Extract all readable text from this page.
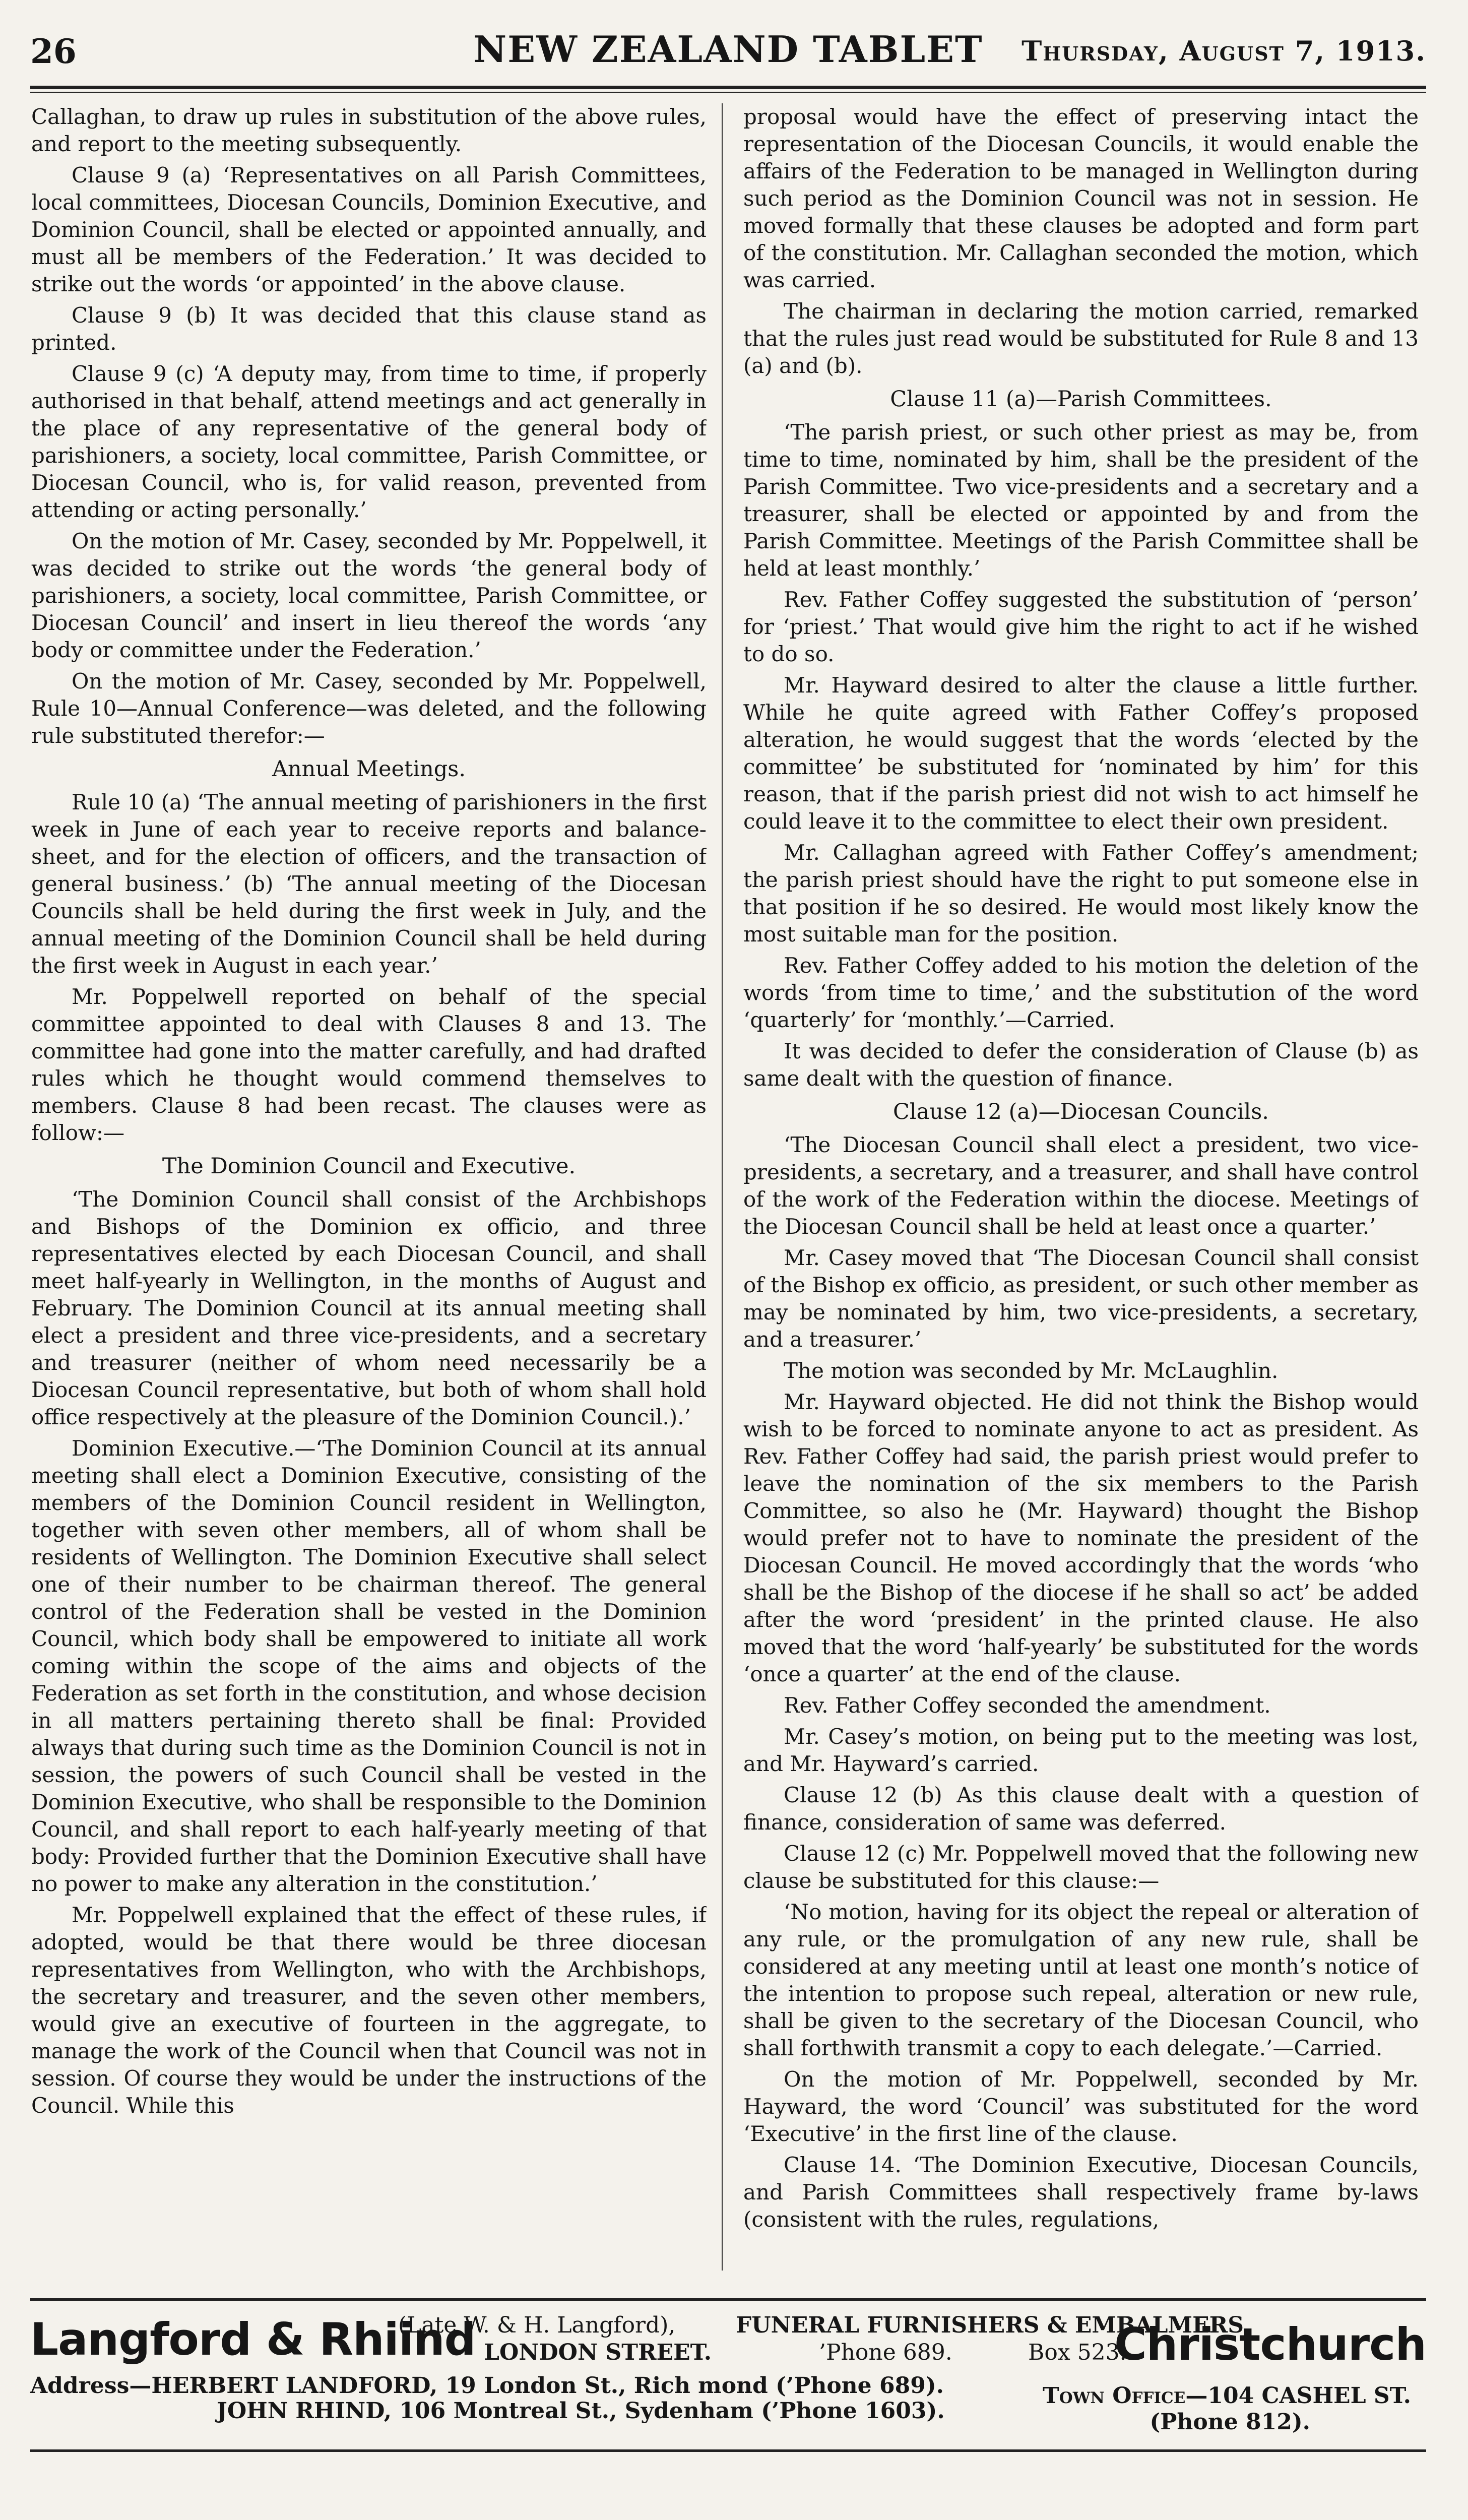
26	NEW ZEALAND TABLET	Thursday, August 7, 1913.

Callaghan, to draw up rules in substitution of the above rules, and report to the meeting subsequently.

Clause 9 (a) ‘Representatives on all Parish Committees, local committees, Diocesan Councils, Dominion Executive, and Dominion Council, shall be elected or appointed annually, and must all be members of the Federation.’ It was decided to strike out the words ‘or appointed’ in the above clause.

Clause 9 (b) It was decided that this clause stand as printed.

Clause 9 (c) ‘A deputy may, from time to time, if properly authorised in that behalf, attend meetings and act generally in the place of any representative of the general body of parishioners, a society, local committee, Parish Committee, or Diocesan Council, who is, for valid reason, prevented from attending or acting personally.’

On the motion of Mr. Casey, seconded by Mr. Poppelwell, it was decided to strike out the words ‘the general body of parishioners, a society, local committee, Parish Committee, or Diocesan Council’ and insert in lieu thereof the words ‘any body or committee under the Federation.’

On the motion of Mr. Casey, seconded by Mr. Poppelwell, Rule 10—Annual Conference—was deleted, and the following rule substituted therefor:—

Annual Meetings.

Rule 10 (a) ‘The annual meeting of parishioners in the first week in June of each year to receive reports and balance-sheet, and for the election of officers, and the transaction of general business.’ (b) ‘The annual meeting of the Diocesan Councils shall be held during the first week in July, and the annual meeting of the Dominion Council shall be held during the first week in August in each year.’

Mr. Poppelwell reported on behalf of the special committee appointed to deal with Clauses 8 and 13. The committee had gone into the matter carefully, and had drafted rules which he thought would commend themselves to members. Clause 8 had been recast. The clauses were as follow:—

The Dominion Council and Executive.

‘The Dominion Council shall consist of the Archbishops and Bishops of the Dominion ex officio, and three representatives elected by each Diocesan Council, and shall meet half-yearly in Wellington, in the months of August and February. The Dominion Council at its annual meeting shall elect a president and three vice-presidents, and a secretary and treasurer (neither of whom need necessarily be a Diocesan Council representative, but both of whom shall hold office respectively at the pleasure of the Dominion Council.).’

Dominion Executive.—‘The Dominion Council at its annual meeting shall elect a Dominion Executive, consisting of the members of the Dominion Council resident in Wellington, together with seven other members, all of whom shall be residents of Wellington. The Dominion Executive shall select one of their number to be chairman thereof. The general control of the Federation shall be vested in the Dominion Council, which body shall be empowered to initiate all work coming within the scope of the aims and objects of the Federation as set forth in the constitution, and whose decision in all matters pertaining thereto shall be final: Provided always that during such time as the Dominion Council is not in session, the powers of such Council shall be vested in the Dominion Executive, who shall be responsible to the Dominion Council, and shall report to each half-yearly meeting of that body: Provided further that the Dominion Executive shall have no power to make any alteration in the constitution.’

Mr. Poppelwell explained that the effect of these rules, if adopted, would be that there would be three diocesan representatives from Wellington, who with the Archbishops, the secretary and treasurer, and the seven other members, would give an executive of fourteen in the aggregate, to manage the work of the Council when that Council was not in session. Of course they would be under the instructions of the Council. While this

proposal would have the effect of preserving intact the representation of the Diocesan Councils, it would enable the affairs of the Federation to be managed in Wellington during such period as the Dominion Council was not in session. He moved formally that these clauses be adopted and form part of the constitution. Mr. Callaghan seconded the motion, which was carried.

The chairman in declaring the motion carried, remarked that the rules just read would be substituted for Rule 8 and 13 (a) and (b).

Clause 11 (a)—Parish Committees.

‘The parish priest, or such other priest as may be, from time to time, nominated by him, shall be the president of the Parish Committee. Two vice-presidents and a secretary and a treasurer, shall be elected or appointed by and from the Parish Committee. Meetings of the Parish Committee shall be held at least monthly.’

Rev. Father Coffey suggested the substitution of ‘person’ for ‘priest.’ That would give him the right to act if he wished to do so.

Mr. Hayward desired to alter the clause a little further. While he quite agreed with Father Coffey’s proposed alteration, he would suggest that the words ‘elected by the committee’ be substituted for ‘nominated by him’ for this reason, that if the parish priest did not wish to act himself he could leave it to the committee to elect their own president.

Mr. Callaghan agreed with Father Coffey’s amendment; the parish priest should have the right to put someone else in that position if he so desired. He would most likely know the most suitable man for the position.

Rev. Father Coffey added to his motion the deletion of the words ‘from time to time,’ and the substitution of the word ‘quarterly’ for ‘monthly.’—Carried.

It was decided to defer the consideration of Clause (b) as same dealt with the question of finance.

Clause 12 (a)—Diocesan Councils.

‘The Diocesan Council shall elect a president, two vice-presidents, a secretary, and a treasurer, and shall have control of the work of the Federation within the diocese. Meetings of the Diocesan Council shall be held at least once a quarter.’

Mr. Casey moved that ‘The Diocesan Council shall consist of the Bishop ex officio, as president, or such other member as may be nominated by him, two vice-presidents, a secretary, and a treasurer.’

The motion was seconded by Mr. McLaughlin.

Mr. Hayward objected. He did not think the Bishop would wish to be forced to nominate anyone to act as president. As Rev. Father Coffey had said, the parish priest would prefer to leave the nomination of the six members to the Parish Committee, so also he (Mr. Hayward) thought the Bishop would prefer not to have to nominate the president of the Diocesan Council. He moved accordingly that the words ‘who shall be the Bishop of the diocese if he shall so act’ be added after the word ‘president’ in the printed clause. He also moved that the word ‘half-yearly’ be substituted for the words ‘once a quarter’ at the end of the clause.

Rev. Father Coffey seconded the amendment.

Mr. Casey’s motion, on being put to the meeting was lost, and Mr. Hayward’s carried.

Clause 12 (b) As this clause dealt with a question of finance, consideration of same was deferred.

Clause 12 (c) Mr. Poppelwell moved that the following new clause be substituted for this clause:—

‘No motion, having for its object the repeal or alteration of any rule, or the promulgation of any new rule, shall be considered at any meeting until at least one month’s notice of the intention to propose such repeal, alteration or new rule, shall be given to the secretary of the Diocesan Council, who shall forthwith transmit a copy to each delegate.’—Carried.

On the motion of Mr. Poppelwell, seconded by Mr. Hayward, the word ‘Council’ was substituted for the word ‘Executive’ in the first line of the clause.

Clause 14. ‘The Dominion Executive, Diocesan Councils, and Parish Committees shall respectively frame by-laws (consistent with the rules, regulations,

Langford & Rhiind
(Late W. & H. Langford),
LONDON STREET.
FUNERAL FURNISHERS & EMBALMERS
’Phone 689.	Box 523.
Christchurch
Address—HERBERT LANDFORD, 19 London St., Rich mond (’Phone 689).
JOHN RHIND, 106 Montreal St., Sydenham (’Phone 1603).
Town Office—104 CASHEL ST.
(Phone 812).
